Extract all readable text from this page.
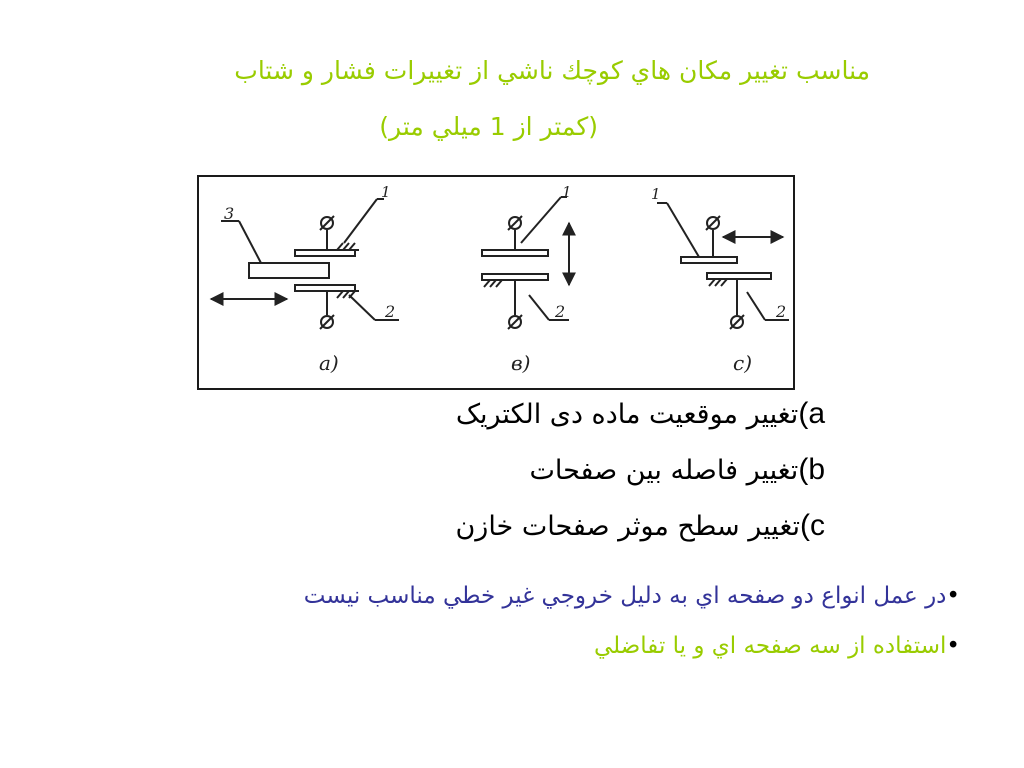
مناسب تغيير مكان هاي كوچك ناشي از تغييرات فشار و شتاب
(كمتر از 1 ميلي متر)
1
3
2
1
2
1
2
a)	в)	c)
a)تغییر موقعیت ماده دی الکتریک
b)تغییر فاصله بین صفحات
c)تغییر سطح موثر صفحات خازن
•در عمل انواع دو صفحه اي به دليل خروجي غير خطي مناسب نيست
•استفاده از سه صفحه اي و يا تفاضلي
